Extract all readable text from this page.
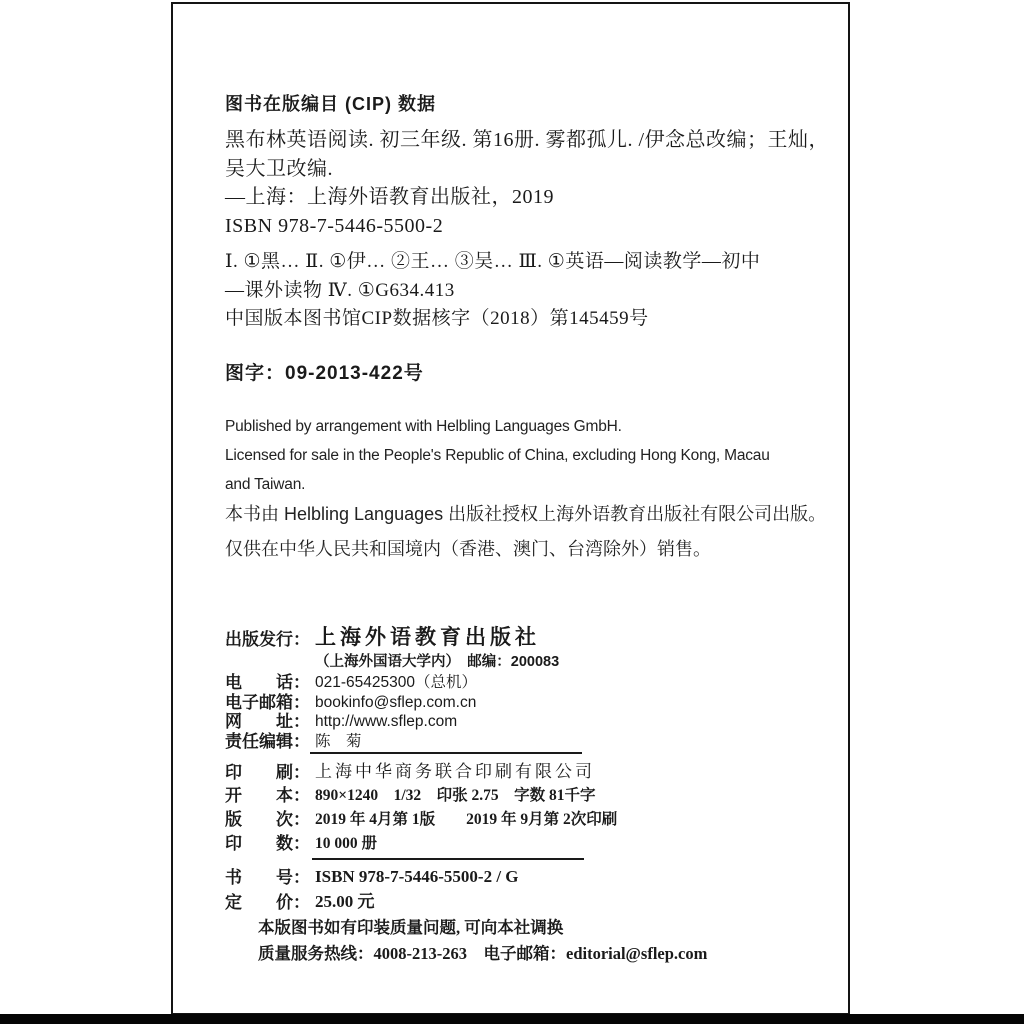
图书在版编目 (CIP) 数据
黑布林英语阅读. 初三年级. 第16册. 雾都孤儿. /伊念总改编；王灿，
吴大卫改编.
—上海：上海外语教育出版社，2019
ISBN 978-7-5446-5500-2
Ⅰ. ①黑… Ⅱ. ①伊… ②王… ③吴… Ⅲ. ①英语—阅读教学—初中
—课外读物 Ⅳ. ①G634.413
中国版本图书馆CIP数据核字（2018）第145459号
图字：09-2013-422号
Published by arrangement with Helbling Languages GmbH.
Licensed for sale in the People's Republic of China, excluding Hong Kong, Macau
and Taiwan.
本书由 Helbling Languages 出版社授权上海外语教育出版社有限公司出版。
仅供在中华人民共和国境内（香港、澳门、台湾除外）销售。
出版发行： 上海外语教育出版社
（上海外国语大学内）　邮编：200083
电　　话： 021-65425300（总机）
电子邮箱： bookinfo@sflep.com.cn
网　　址： http://www.sflep.com
责任编辑： 陈　菊
印　　刷： 上海中华商务联合印刷有限公司
开　　本： 890×1240　1/32　印张 2.75　字数 81千字
版　　次： 2019 年 4月第 1版　　2019 年 9月第 2次印刷
印　　数： 10 000 册
书　　号： ISBN 978-7-5446-5500-2 / G
定　　价： 25.00 元
本版图书如有印装质量问题, 可向本社调换
质量服务热线：4008-213-263　电子邮箱：editorial@sflep.com
